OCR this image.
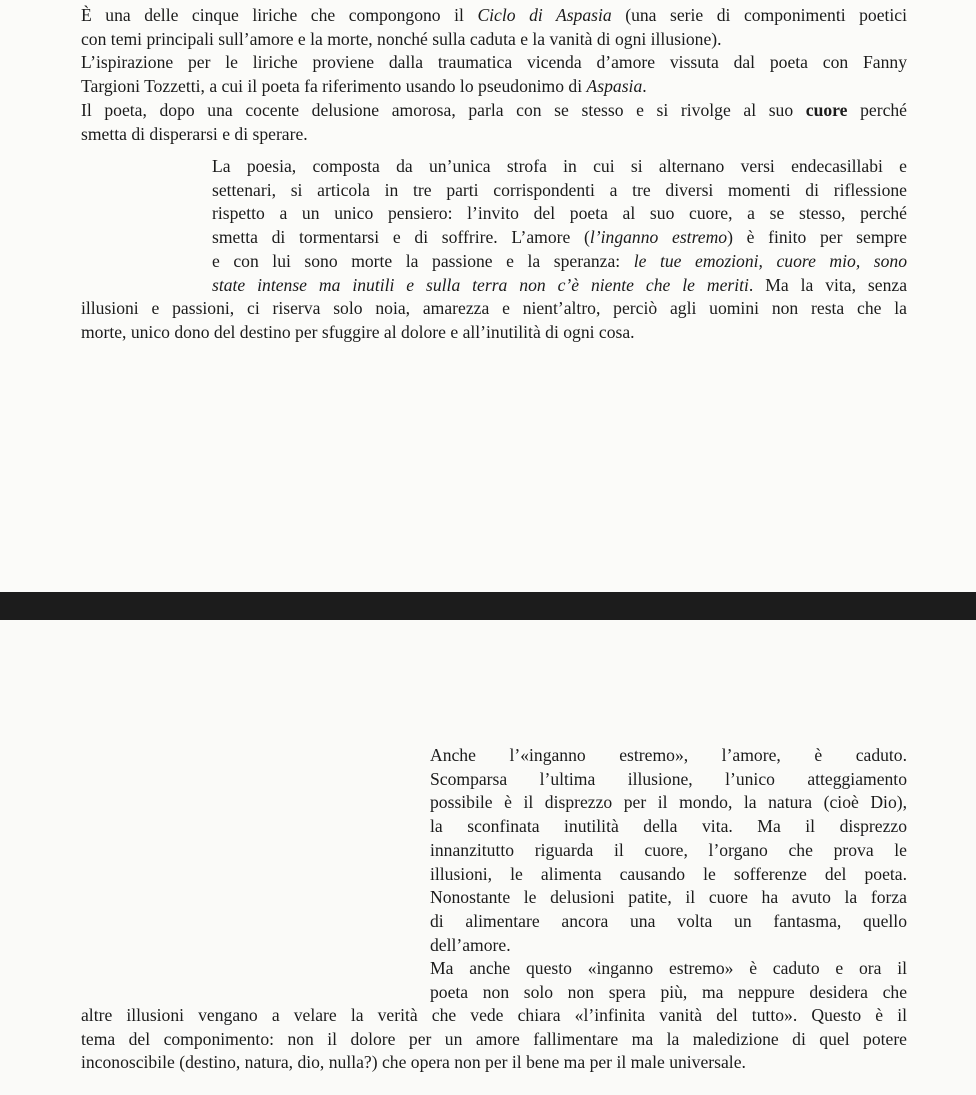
È una delle cinque liriche che compongono il Ciclo di Aspasia (una serie di componimenti poetici
con temi principali sull’amore e la morte, nonché sulla caduta e la vanità di ogni illusione).
L’ispirazione per le liriche proviene dalla traumatica vicenda d’amore vissuta dal poeta con Fanny
Targioni Tozzetti, a cui il poeta fa riferimento usando lo pseudonimo di Aspasia.
Il poeta, dopo una cocente delusione amorosa, parla con se stesso e si rivolge al suo cuore perché
smetta di disperarsi e di sperare.
La poesia, composta da un’unica strofa in cui si alternano versi endecasillabi e
settenari, si articola in tre parti corrispondenti a tre diversi momenti di riflessione
rispetto a un unico pensiero: l’invito del poeta al suo cuore, a se stesso, perché
smetta di tormentarsi e di soffrire. L’amore (l’inganno estremo) è finito per sempre
e con lui sono morte la passione e la speranza: le tue emozioni, cuore mio, sono
state intense ma inutili e sulla terra non c’è niente che le meriti. Ma la vita, senza
illusioni e passioni, ci riserva solo noia, amarezza e nient’altro, perciò agli uomini non resta che la
morte, unico dono del destino per sfuggire al dolore e all’inutilità di ogni cosa.
Anche l’«inganno estremo», l’amore, è caduto.
Scomparsa l’ultima illusione, l’unico atteggiamento
possibile è il disprezzo per il mondo, la natura (cioè Dio),
la sconfinata inutilità della vita. Ma il disprezzo
innanzitutto riguarda il cuore, l’organo che prova le
illusioni, le alimenta causando le sofferenze del poeta.
Nonostante le delusioni patite, il cuore ha avuto la forza
di alimentare ancora una volta un fantasma, quello
dell’amore.
Ma anche questo «inganno estremo» è caduto e ora il
poeta non solo non spera più, ma neppure desidera che
altre illusioni vengano a velare la verità che vede chiara «l’infinita vanità del tutto». Questo è il
tema del componimento: non il dolore per un amore fallimentare ma la maledizione di quel potere
inconoscibile (destino, natura, dio, nulla?) che opera non per il bene ma per il male universale.
